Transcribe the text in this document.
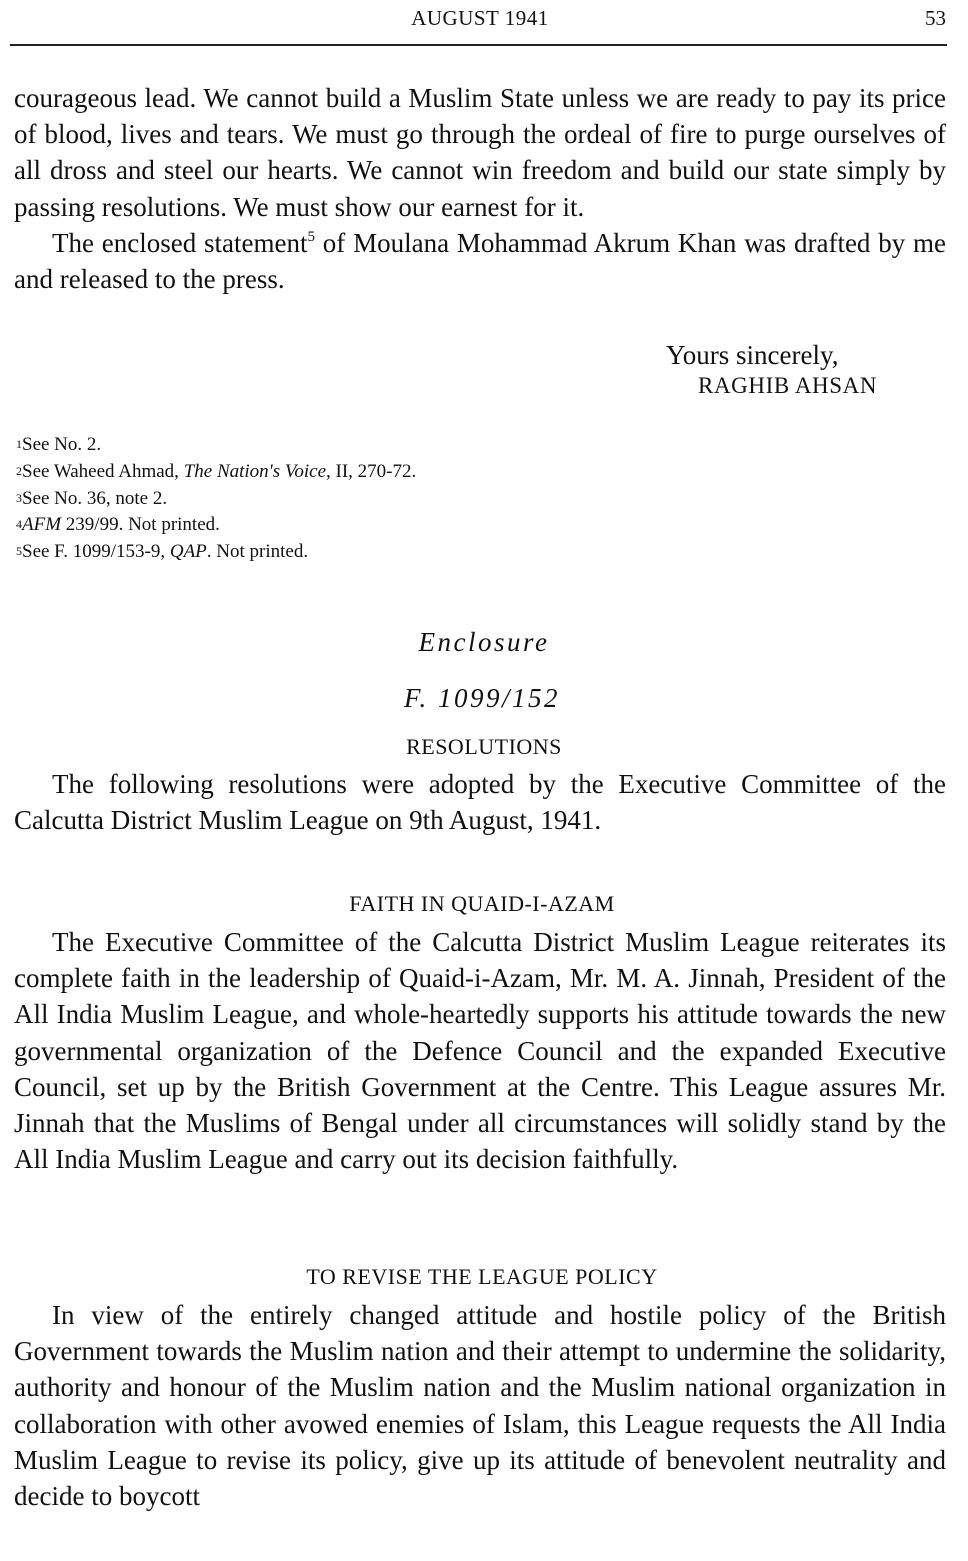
AUGUST 1941	53

courageous lead. We cannot build a Muslim State unless we are ready to pay its price of blood, lives and tears. We must go through the ordeal of fire to purge ourselves of all dross and steel our hearts. We cannot win freedom and build our state simply by passing resolutions. We must show our earnest for it.

The enclosed statement$^5$ of Moulana Mohammad Akrum Khan was drafted by me and released to the press.

Yours sincerely,
RAGHIB AHSAN

$^1$See No. 2.

$^2$See Waheed Ahmad, The Nation's Voice, II, 270-72.

$^3$See No. 36, note 2.

$^4$AFM 239/99. Not printed.

$^5$See F. 1099/153-9, QAP. Not printed.

Enclosure
F. 1099/152
RESOLUTIONS

The following resolutions were adopted by the Executive Committee of the Calcutta District Muslim League on 9th August, 1941.

FAITH IN QUAID-I-AZAM

The Executive Committee of the Calcutta District Muslim League reiterates its complete faith in the leadership of Quaid-i-Azam, Mr. M. A. Jinnah, President of the All India Muslim League, and whole-heartedly supports his attitude towards the new governmental organization of the Defence Council and the expanded Executive Council, set up by the British Government at the Centre. This League assures Mr. Jinnah that the Muslims of Bengal under all circumstances will solidly stand by the All India Muslim League and carry out its decision faithfully.

TO REVISE THE LEAGUE POLICY

In view of the entirely changed attitude and hostile policy of the British Government towards the Muslim nation and their attempt to undermine the solidarity, authority and honour of the Muslim nation and the Muslim national organization in collaboration with other avowed enemies of Islam, this League requests the All India Muslim League to revise its policy, give up its attitude of benevolent neutrality and decide to boycott
